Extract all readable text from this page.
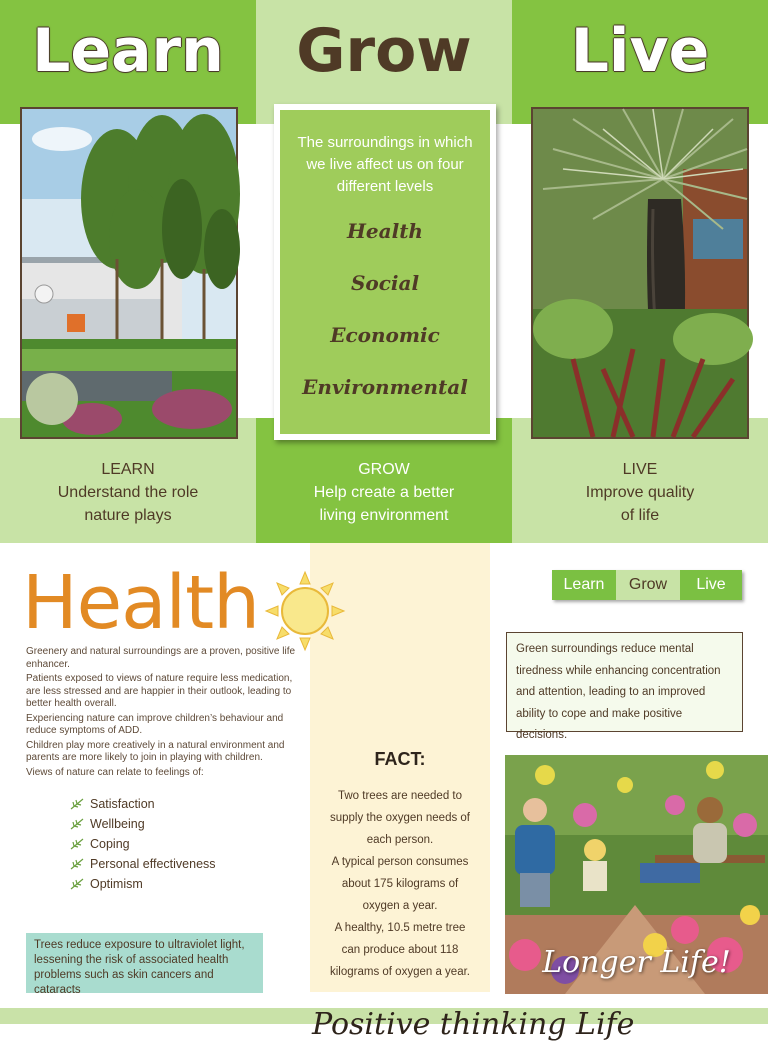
Learn	Grow	Live
The surroundings in which we live affect us on four different levels
Health
Social
Economic
Environmental
LEARN
Understand the role
nature plays
GROW
Help create a better
living environment
LIVE
Improve quality
of life
FACT:
Two trees are needed to
supply the oxygen needs of
each person.
A typical person consumes
about 175 kilograms of
oxygen a year.
A healthy, 10.5 metre tree
can produce about 118
kilograms of oxygen a year.
Health

Greenery and natural surroundings are a proven, positive life enhancer.

Patients exposed to views of nature require less medication, are less stressed and are happier in their outlook, leading to better health overall.

Experiencing nature can improve children’s behaviour and reduce symptoms of ADD.

Children play more creatively in a natural environment and parents are more likely to join in playing with children.

Views of nature can relate to feelings of:

Satisfaction
Wellbeing
Coping
Personal effectiveness
Optimism
Trees reduce exposure to ultraviolet light, lessening the risk of associated health problems such as skin cancers and cataracts
Learn	Grow	Live
Green surroundings reduce mental tiredness while enhancing concentration and attention, leading to an improved ability to cope and make positive decisions.
Longer Life!
Positive thinking Life
